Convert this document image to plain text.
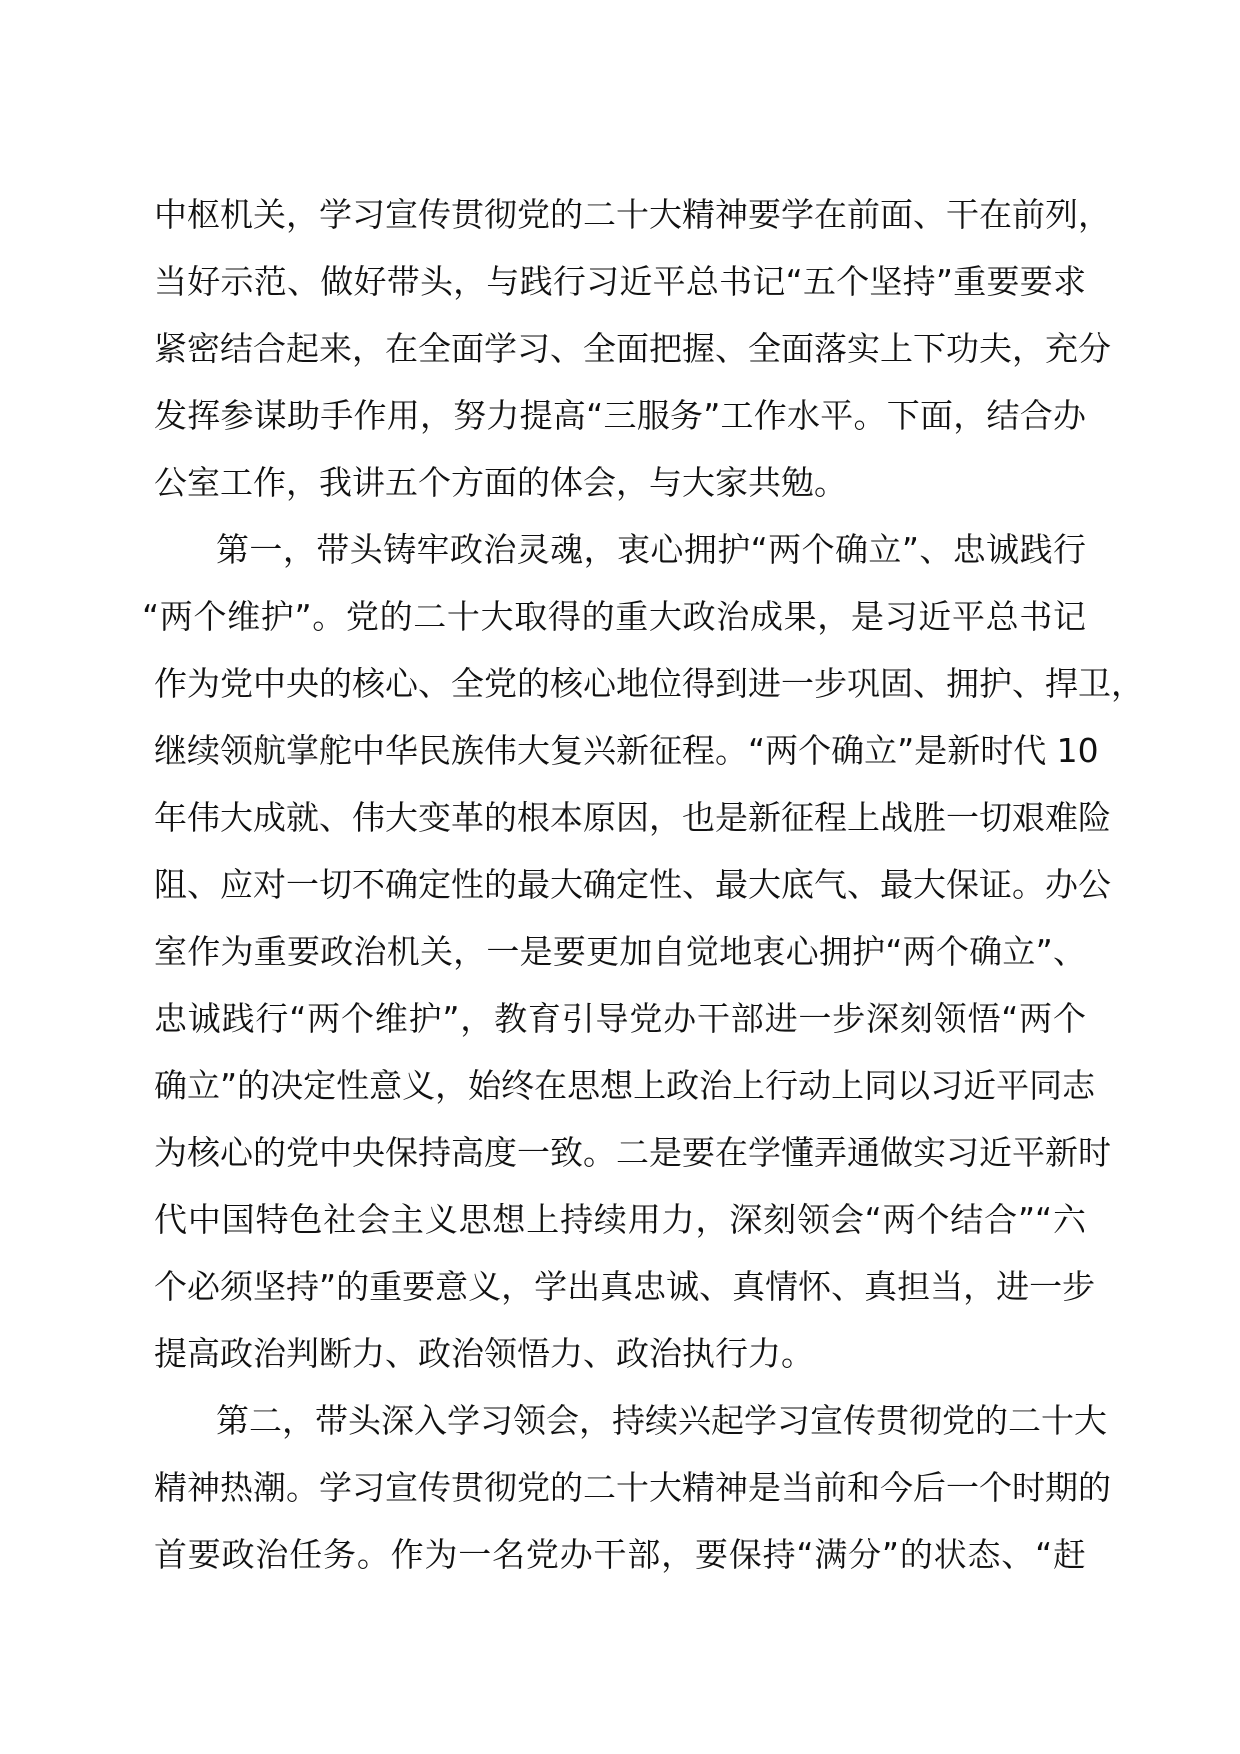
中枢机关，学习宣传贯彻党的二十大精神要学在前面、干在前列，
当好示范、做好带头，与践行习近平总书记“五个坚持”重要要求
紧密结合起来，在全面学习、全面把握、全面落实上下功夫，充分
发挥参谋助手作用，努力提高“三服务”工作水平。下面，结合办
公室工作，我讲五个方面的体会，与大家共勉。
第一，带头铸牢政治灵魂，衷心拥护“两个确立”、忠诚践行
“两个维护”。党的二十大取得的重大政治成果，是习近平总书记
作为党中央的核心、全党的核心地位得到进一步巩固、拥护、捍卫，
继续领航掌舵中华民族伟大复兴新征程。“两个确立”是新时代 10
年伟大成就、伟大变革的根本原因，也是新征程上战胜一切艰难险
阻、应对一切不确定性的最大确定性、最大底气、最大保证。办公
室作为重要政治机关，一是要更加自觉地衷心拥护“两个确立”、
忠诚践行“两个维护”，教育引导党办干部进一步深刻领悟“两个
确立”的决定性意义，始终在思想上政治上行动上同以习近平同志
为核心的党中央保持高度一致。二是要在学懂弄通做实习近平新时
代中国特色社会主义思想上持续用力，深刻领会“两个结合”“六
个必须坚持”的重要意义，学出真忠诚、真情怀、真担当，进一步
提高政治判断力、政治领悟力、政治执行力。
第二，带头深入学习领会，持续兴起学习宣传贯彻党的二十大
精神热潮。学习宣传贯彻党的二十大精神是当前和今后一个时期的
首要政治任务。作为一名党办干部，要保持“满分”的状态、“赶
